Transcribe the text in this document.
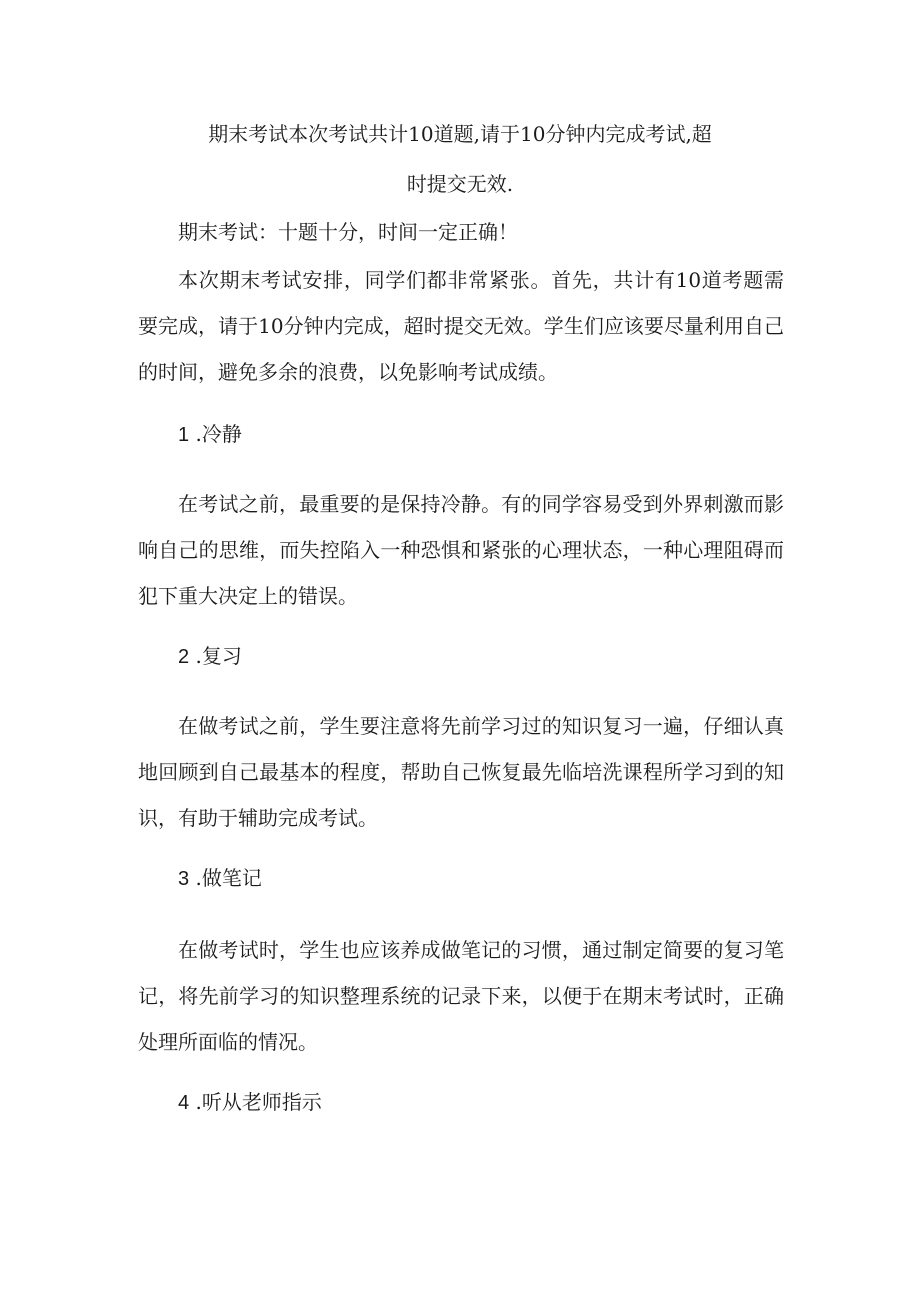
期末考试本次考试共计10道题,请于10分钟内完成考试,超
时提交无效.
期末考试：十题十分，时间一定正确！
本次期末考试安排，同学们都非常紧张。首先，共计有10道考题需
要完成，请于10分钟内完成，超时提交无效。学生们应该要尽量利用自己
的时间，避免多余的浪费，以免影响考试成绩。
1 .冷静
在考试之前，最重要的是保持冷静。有的同学容易受到外界刺激而影
响自己的思维，而失控陷入一种恐惧和紧张的心理状态，一种心理阻碍而
犯下重大决定上的错误。
2 .复习
在做考试之前，学生要注意将先前学习过的知识复习一遍，仔细认真
地回顾到自己最基本的程度，帮助自己恢复最先临培洗课程所学习到的知
识，有助于辅助完成考试。
3 .做笔记
在做考试时，学生也应该养成做笔记的习惯，通过制定简要的复习笔
记，将先前学习的知识整理系统的记录下来，以便于在期末考试时，正确
处理所面临的情况。
4 .听从老师指示
